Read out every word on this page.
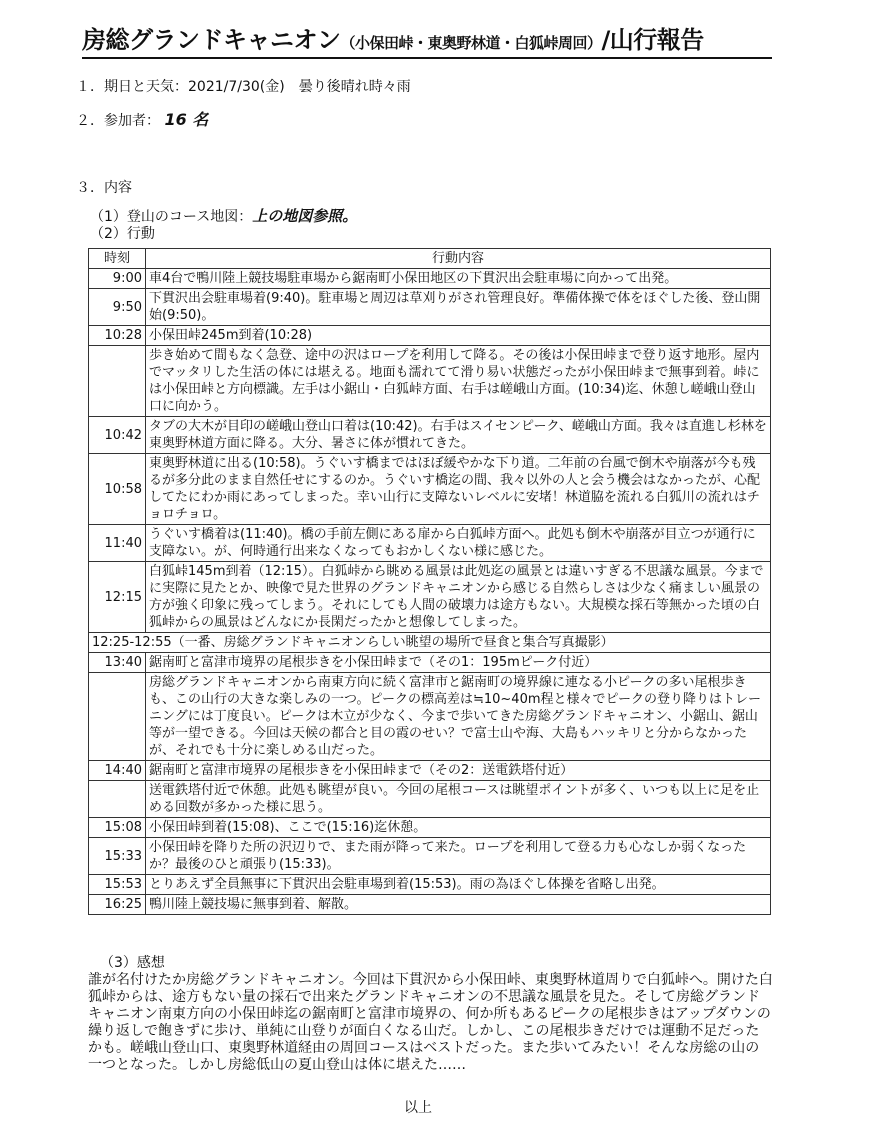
房総グランドキャニオン（小保田峠・東奥野林道・白狐峠周回）/山行報告
１．期日と天気：2021/7/30(金)　曇り後晴れ時々雨
２．参加者： 16 名
３．内容
（1）登山のコース地図：上の地図参照。
（2）行動
時刻	行動内容
9:00	車4台で鴨川陸上競技場駐車場から鋸南町小保田地区の下貫沢出会駐車場に向かって出発。
9:50	下貫沢出会駐車場着(9:40)。駐車場と周辺は草刈りがされ管理良好。準備体操で体をほぐした後、登山開始(9:50)。
10:28	小保田峠245m到着(10:28)
	歩き始めて間もなく急登、途中の沢はロープを利用して降る。その後は小保田峠まで登り返す地形。屋内でマッタリした生活の体には堪える。地面も濡れてて滑り易い状態だったが小保田峠まで無事到着。峠には小保田峠と方向標識。左手は小鋸山・白狐峠方面、右手は嵯峨山方面。(10:34)迄、休憩し嵯峨山登山口に向かう。
10:42	タブの大木が目印の嵯峨山登山口着は(10:42)。右手はスイセンピーク、嵯峨山方面。我々は直進し杉林を東奥野林道方面に降る。大分、暑さに体が慣れてきた。
10:58	東奥野林道に出る(10:58)。うぐいす橋まではほぼ緩やかな下り道。二年前の台風で倒木や崩落が今も残るが多分此のまま自然任せにするのか。うぐいす橋迄の間、我々以外の人と会う機会はなかったが、心配してたにわか雨にあってしまった。幸い山行に支障ないレベルに安堵！林道脇を流れる白狐川の流れはチョロチョロ。
11:40	うぐいす橋着は(11:40)。橋の手前左側にある扉から白狐峠方面へ。此処も倒木や崩落が目立つが通行に支障ない。が、何時通行出来なくなってもおかしくない様に感じた。
12:15	白狐峠145m到着（12:15）。白狐峠から眺める風景は此処迄の風景とは違いすぎる不思議な風景。今までに実際に見たとか、映像で見た世界のグランドキャニオンから感じる自然らしさは少なく痛ましい風景の方が強く印象に残ってしまう。それにしても人間の破壊力は途方もない。大規模な採石等無かった頃の白狐峠からの風景はどんなにか長閑だったかと想像してしまった。
12:25-12:55（一番、房総グランドキャニオンらしい眺望の場所で昼食と集合写真撮影）	
13:40	鋸南町と富津市境界の尾根歩きを小保田峠まで（その1：195mピーク付近）
	房総グランドキャニオンから南東方向に続く富津市と鋸南町の境界線に連なる小ピークの多い尾根歩きも、この山行の大きな楽しみの一つ。ピークの標高差は≒10~40m程と様々でピークの登り降りはトレーニングには丁度良い。ピークは木立が少なく、今まで歩いてきた房総グランドキャニオン、小鋸山、鋸山等が一望できる。今回は天候の都合と目の霞のせい？で富士山や海、大島もハッキリと分からなかったが、それでも十分に楽しめる山だった。
14:40	鋸南町と富津市境界の尾根歩きを小保田峠まで（その2：送電鉄塔付近）
	送電鉄塔付近で休憩。此処も眺望が良い。今回の尾根コースは眺望ポイントが多く、いつも以上に足を止める回数が多かった様に思う。
15:08	小保田峠到着(15:08)、ここで(15:16)迄休憩。
15:33	小保田峠を降りた所の沢辺りで、また雨が降って来た。ロープを利用して登る力も心なしか弱くなったか？最後のひと頑張り(15:33)。
15:53	とりあえず全員無事に下貫沢出会駐車場到着(15:53)。雨の為ほぐし体操を省略し出発。
16:25	鴨川陸上競技場に無事到着、解散。
（3）感想
誰が名付けたか房総グランドキャニオン。今回は下貫沢から小保田峠、東奥野林道周りで白狐峠へ。開けた白狐峠からは、途方もない量の採石で出来たグランドキャニオンの不思議な風景を見た。そして房総グランドキャニオン南東方向の小保田峠迄の鋸南町と富津市境界の、何か所もあるピークの尾根歩きはアップダウンの繰り返しで飽きずに歩け、単純に山登りが面白くなる山だ。しかし、この尾根歩きだけでは運動不足だったかも。嵯峨山登山口、東奥野林道経由の周回コースはベストだった。また歩いてみたい！そんな房総の山の一つとなった。しかし房総低山の夏山登山は体に堪えた……
以上
